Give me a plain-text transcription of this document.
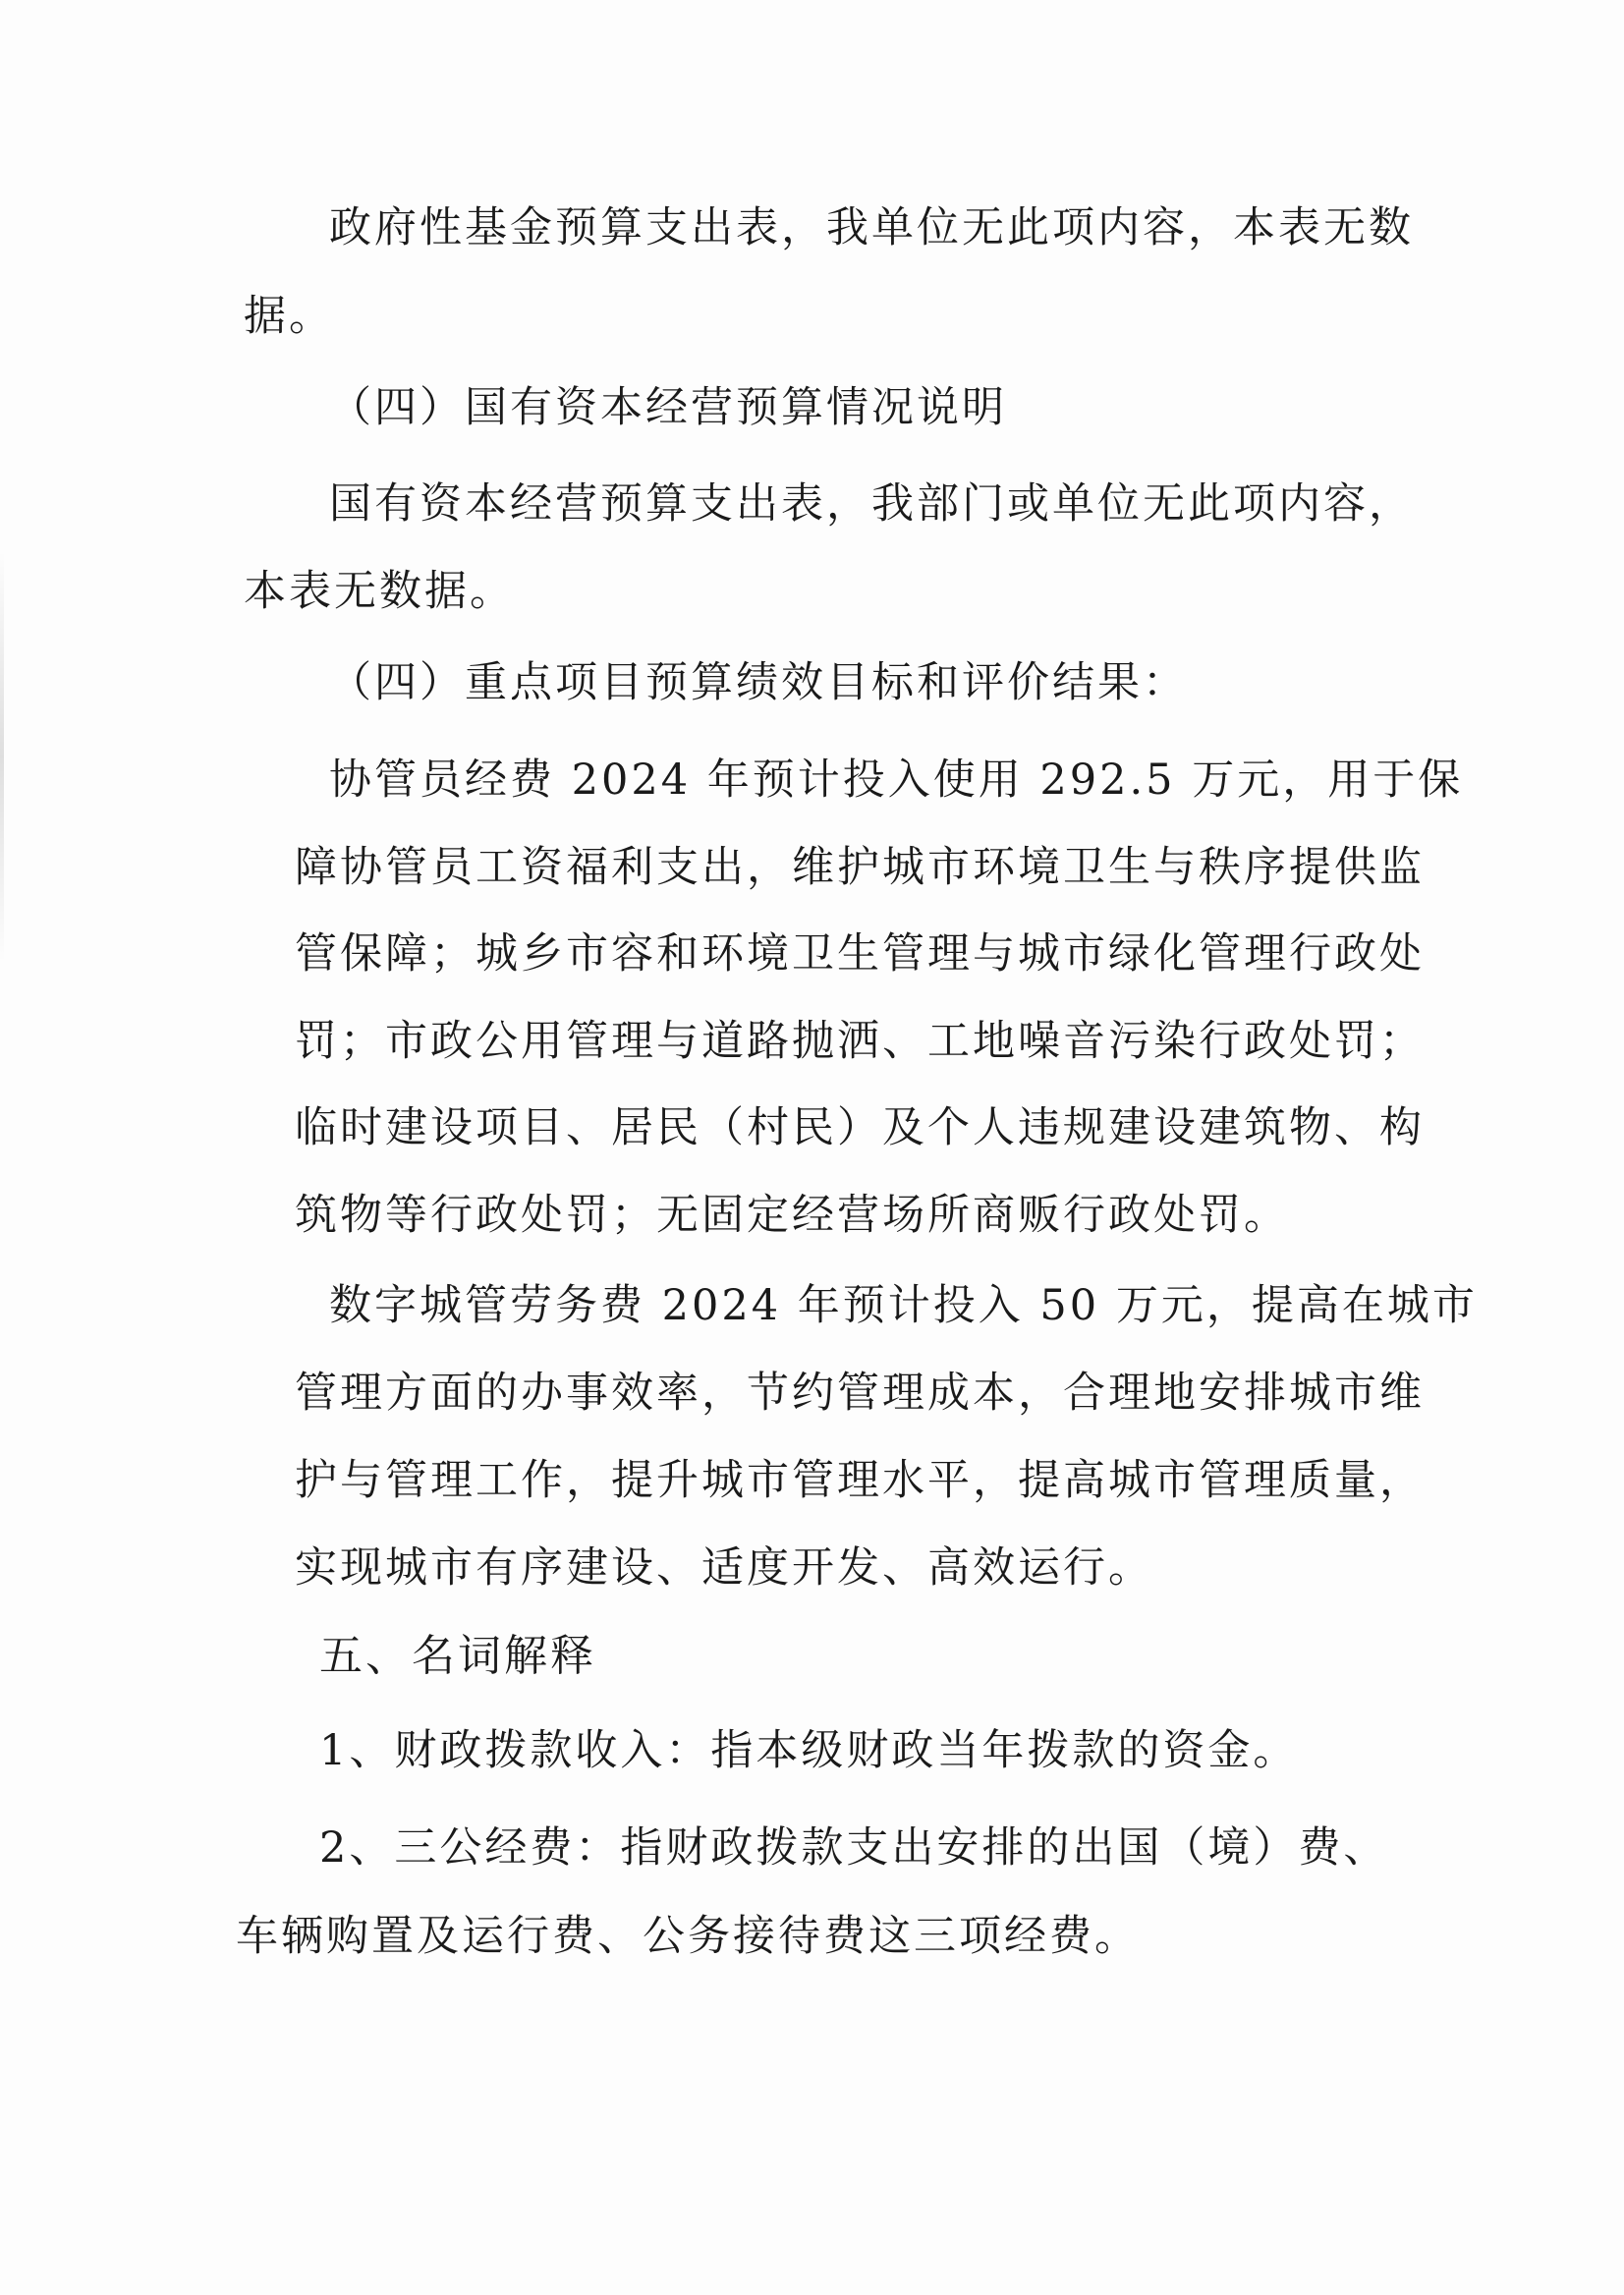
政府性基金预算支出表，我单位无此项内容，本表无数
据。
（四）国有资本经营预算情况说明
国有资本经营预算支出表，我部门或单位无此项内容，
本表无数据。
（四）重点项目预算绩效目标和评价结果：
协管员经费 2024 年预计投入使用 292.5 万元，用于保
障协管员工资福利支出，维护城市环境卫生与秩序提供监
管保障；城乡市容和环境卫生管理与城市绿化管理行政处
罚；市政公用管理与道路抛洒、工地噪音污染行政处罚；
临时建设项目、居民（村民）及个人违规建设建筑物、构
筑物等行政处罚；无固定经营场所商贩行政处罚。
数字城管劳务费 2024 年预计投入 50 万元，提高在城市
管理方面的办事效率，节约管理成本，合理地安排城市维
护与管理工作，提升城市管理水平，提高城市管理质量，
实现城市有序建设、适度开发、高效运行。
五、名词解释
1、财政拨款收入：指本级财政当年拨款的资金。
2、三公经费：指财政拨款支出安排的出国（境）费、
车辆购置及运行费、公务接待费这三项经费。
